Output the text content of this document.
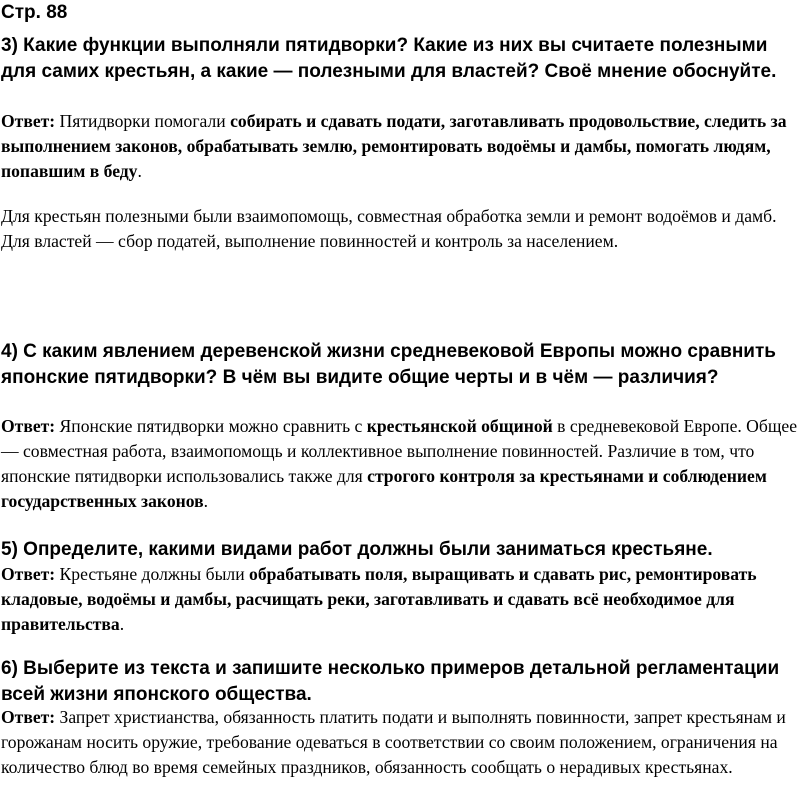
Стр. 88

3) Какие функции выполняли пятидворки? Какие из них вы считаете полезными для самих крестьян, а какие — полезными для властей? Своё мнение обоснуйте.

Ответ: Пятидворки помогали собирать и сдавать подати, заготавливать продовольствие, следить за выполнением законов, обрабатывать землю, ремонтировать водоёмы и дамбы, помогать людям, попавшим в беду.

Для крестьян полезными были взаимопомощь, совместная обработка земли и ремонт водоёмов и дамб. Для властей — сбор податей, выполнение повинностей и контроль за населением.

4) С каким явлением деревенской жизни средневековой Европы можно сравнить японские пятидворки? В чём вы видите общие черты и в чём — различия?

Ответ: Японские пятидворки можно сравнить с крестьянской общиной в средневековой Европе. Общее — совместная работа, взаимопомощь и коллективное выполнение повинностей. Различие в том, что японские пятидворки использовались также для строгого контроля за крестьянами и соблюдением государственных законов.

5) Определите, какими видами работ должны были заниматься крестьяне.

Ответ: Крестьяне должны были обрабатывать поля, выращивать и сдавать рис, ремонтировать кладовые, водоёмы и дамбы, расчищать реки, заготавливать и сдавать всё необходимое для правительства.

6) Выберите из текста и запишите несколько примеров детальной регламентации всей жизни японского общества.

Ответ: Запрет христианства, обязанность платить подати и выполнять повинности, запрет крестьянам и горожанам носить оружие, требование одеваться в соответствии со своим положением, ограничения на количество блюд во время семейных праздников, обязанность сообщать о нерадивых крестьянах.
